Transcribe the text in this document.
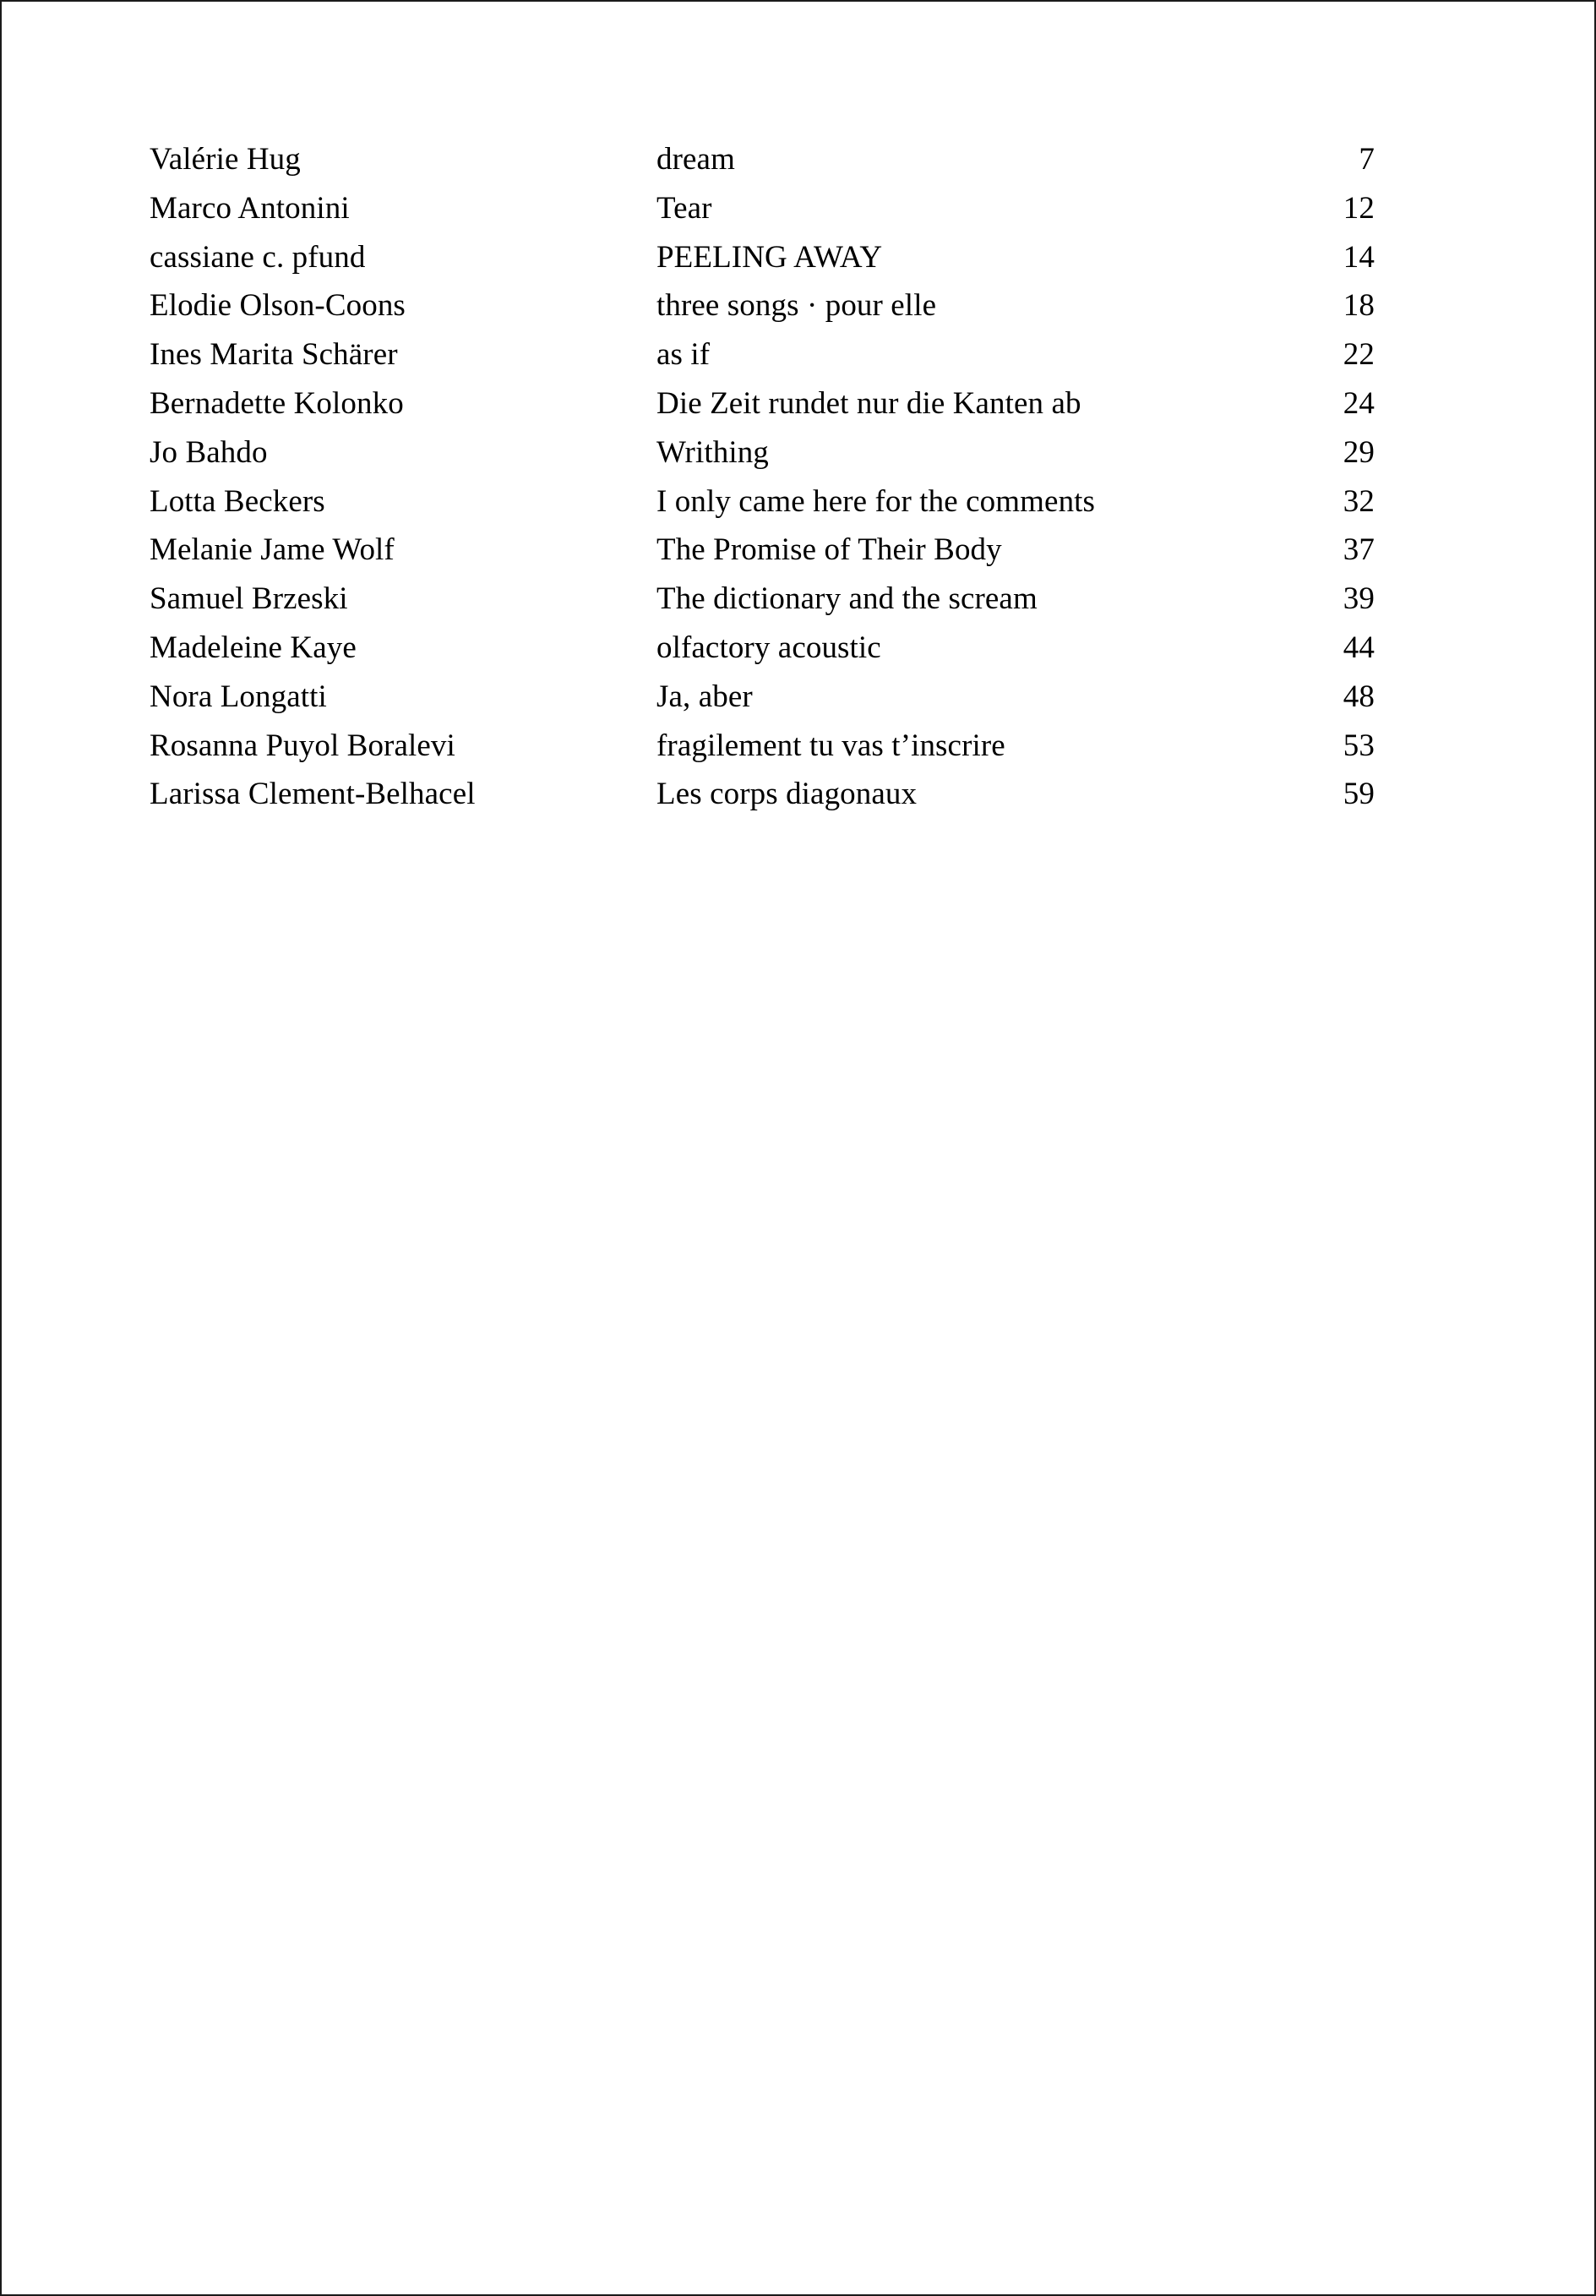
Valérie Hug	dream	7
Marco Antonini	Tear	12
cassiane c. pfund	PEELING AWAY	14
Elodie Olson-Coons	three songs · pour elle	18
Ines Marita Schärer	as if	22
Bernadette Kolonko	Die Zeit rundet nur die Kanten ab	24
Jo Bahdo	Writhing	29
Lotta Beckers	I only came here for the comments	32
Melanie Jame Wolf	The Promise of Their Body	37
Samuel Brzeski	The dictionary and the scream	39
Madeleine Kaye	olfactory acoustic	44
Nora Longatti	Ja, aber	48
Rosanna Puyol Boralevi	fragilement tu vas t’inscrire	53
Larissa Clement-Belhacel	Les corps diagonaux	59
